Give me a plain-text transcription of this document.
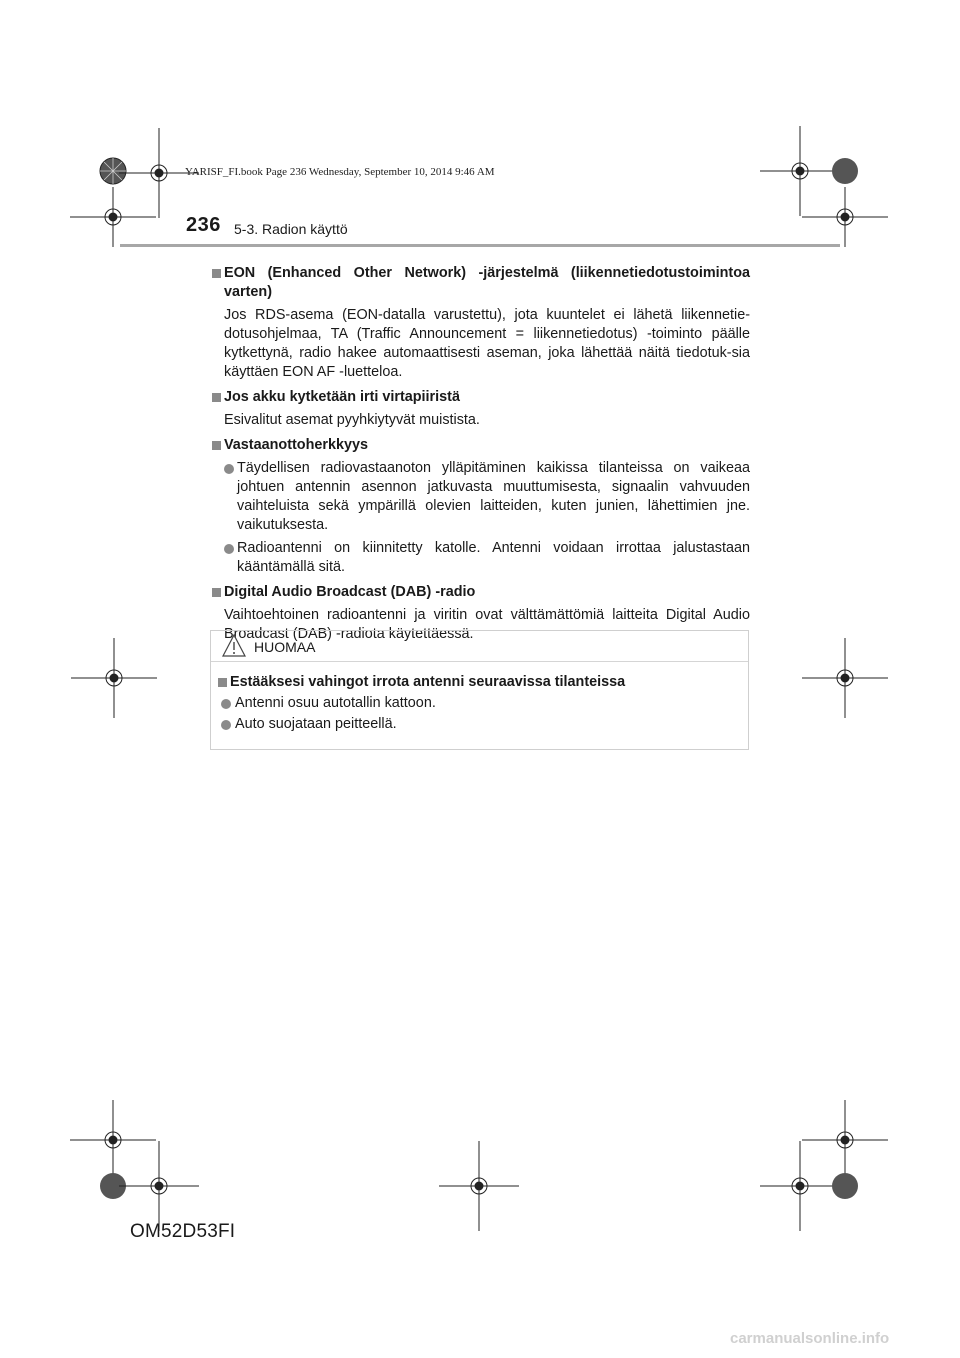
YARISF_FI.book Page 236 Wednesday, September 10, 2014 9:46 AM
236 5-3. Radion käyttö
EON (Enhanced Other Network) -järjestelmä (liikennetiedotustoimintoa varten)
Jos RDS-asema (EON-datalla varustettu), jota kuuntelet ei lähetä liikennetie-dotusohjelmaa, TA (Traffic Announcement = liikennetiedotus) -toiminto päälle kytkettynä, radio hakee automaattisesti aseman, joka lähettää näitä tiedotuk-sia käyttäen EON AF -luetteloa.
Jos akku kytketään irti virtapiiristä
Esivalitut asemat pyyhkiytyvät muistista.
Vastaanottoherkkyys
Täydellisen radiovastaanoton ylläpitäminen kaikissa tilanteissa on vaikeaa johtuen antennin asennon jatkuvasta muuttumisesta, signaalin vahvuuden vaihteluista sekä ympärillä olevien laitteiden, kuten junien, lähettimien jne. vaikutuksesta.
Radioantenni on kiinnitetty katolle. Antenni voidaan irrottaa jalustastaan kääntämällä sitä.
Digital Audio Broadcast (DAB) -radio
Vaihtoehtoinen radioantenni ja viritin ovat välttämättömiä laitteita Digital Audio Broadcast (DAB) -radiota käytettäessä.
HUOMAA
Estääksesi vahingot irrota antenni seuraavissa tilanteissa
Antenni osuu autotallin kattoon.
Auto suojataan peitteellä.
OM52D53FI
carmanualsonline.info
